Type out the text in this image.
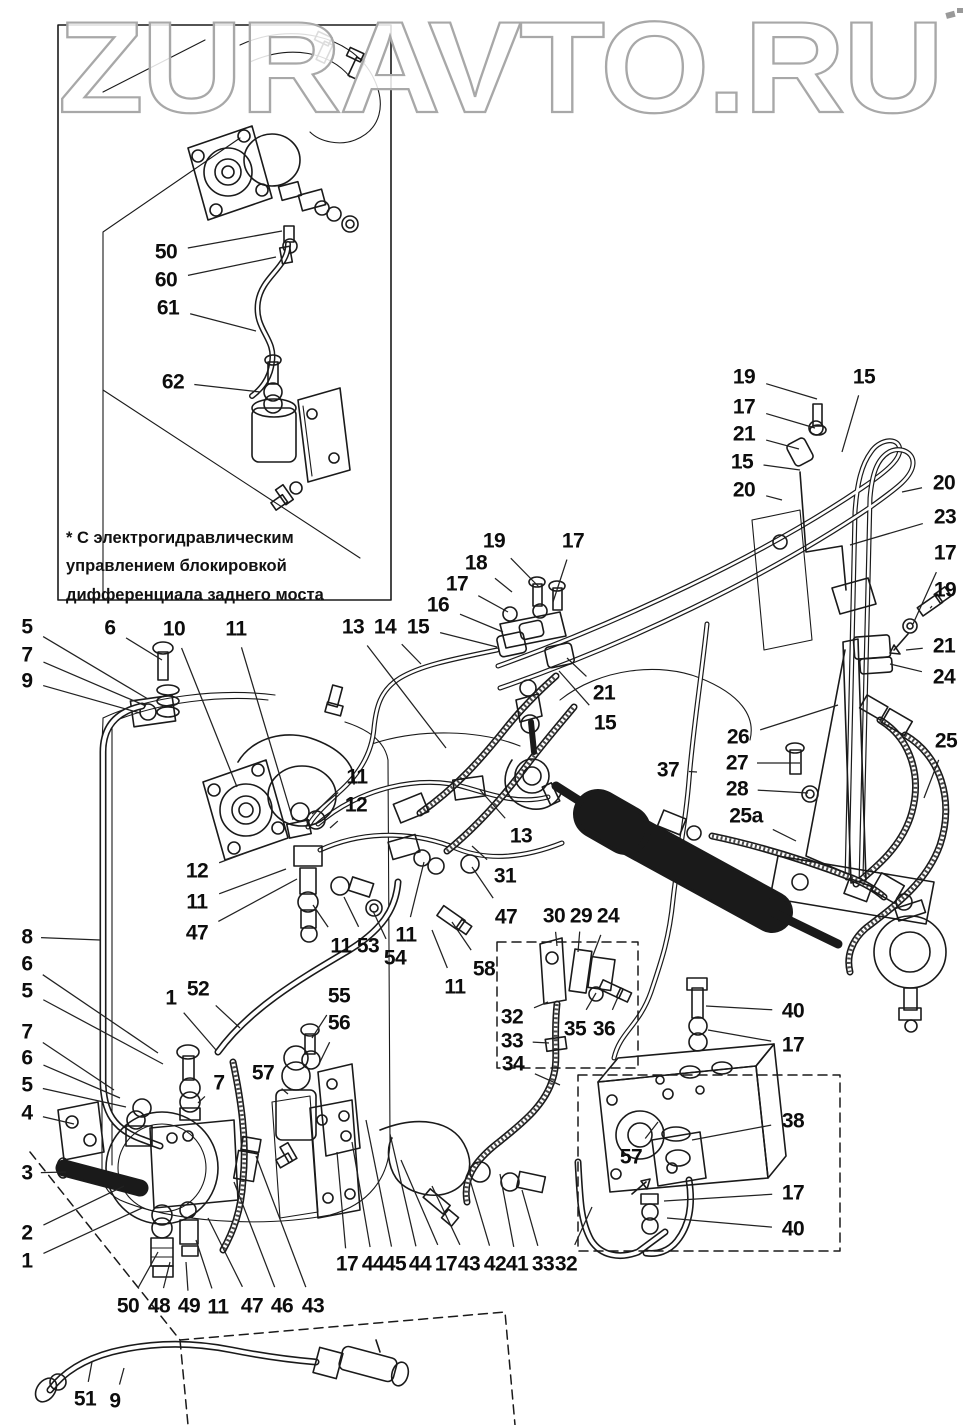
ZURAVTO.RU
* С электрогидравлическим
управлением блокировкой
дифференциала заднего моста
50
60
61
62	19
17
21
15
20
15
20
23
17
19
21
24
19	17
18
17
16
13 14 15
21
15
5	6 10 11
7
9
26
27
28
25a
37
25
13
31
11
12
12
11
47
11 53
54
11
47
58
11
8
6
5
7
6
5
4
3
2
1
1 52
7 57
55
56
50 48 49 11 47 46 43
17 44 45 44 17 43 42 41 33 32
30 29 24
32
33
34
35 36
40
17
38
57
17
40
51 9
